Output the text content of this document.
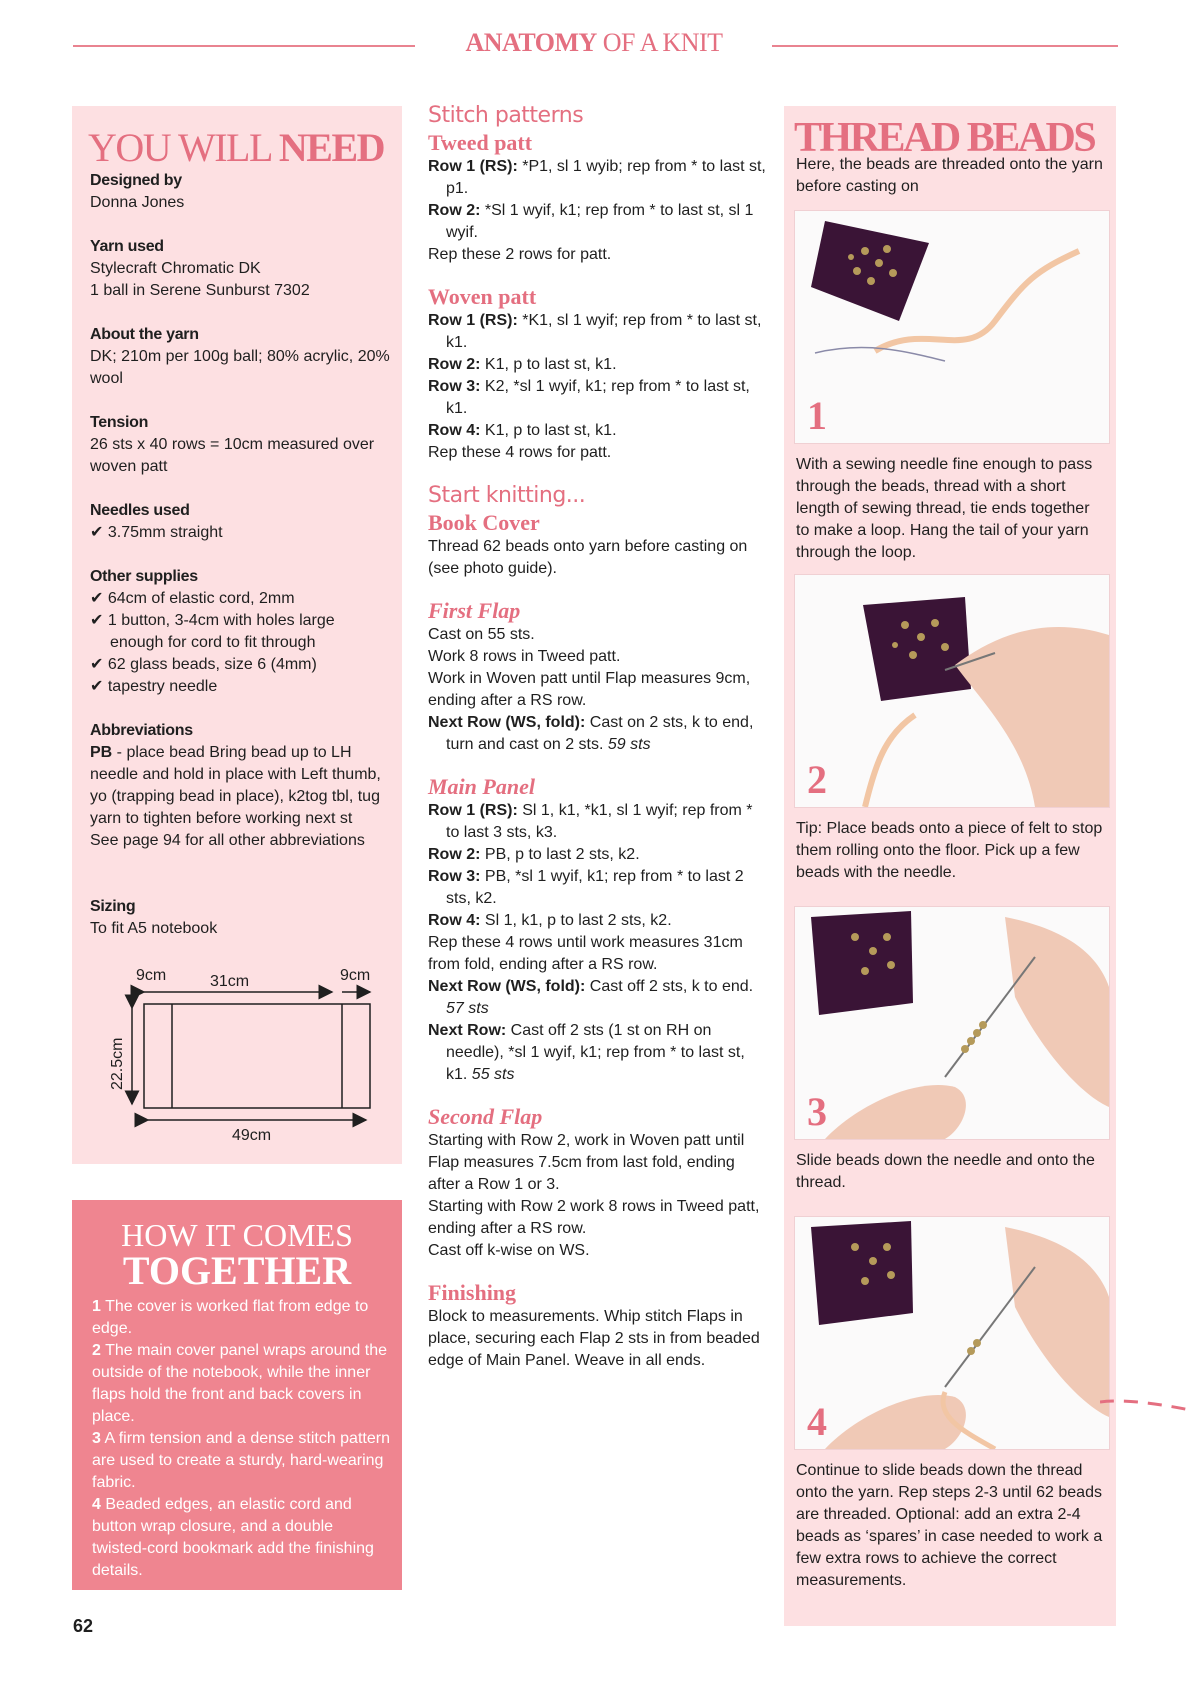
ANATOMY OF A KNIT
YOU WILL NEED
Designed by
Donna Jones
Yarn used
Stylecraft Chromatic DK
1 ball in Serene Sunburst 7302
About the yarn
DK; 210m per 100g ball; 80% acrylic, 20% wool
Tension
26 sts x 40 rows = 10cm measured over woven patt
Needles used
✔ 3.75mm straight
Other supplies
✔ 64cm of elastic cord, 2mm
✔ 1 button, 3-4cm with holes large enough for cord to fit through
✔ 62 glass beads, size 6 (4mm)
✔ tapestry needle
Abbreviations
PB - place bead Bring bead up to LH needle and hold in place with Left thumb, yo (trapping bead in place), k2tog tbl, tug yarn to tighten before working next st
See page 94 for all other abbreviations
Sizing
To fit A5 notebook
9cm	31cm	9cm
22.5cm
49cm
HOW IT COMES
TOGETHER
1 The cover is worked flat from edge to edge.
2 The main cover panel wraps around the outside of the notebook, while the inner flaps hold the front and back covers in place.
3 A firm tension and a dense stitch pattern are used to create a sturdy, hard-wearing fabric.
4 Beaded edges, an elastic cord and button wrap closure, and a double twisted-cord bookmark add the finishing details.
Stitch patterns
Tweed patt
Row 1 (RS): *P1, sl 1 wyib; rep from * to last st, p1.
Row 2: *Sl 1 wyif, k1; rep from * to last st, sl 1 wyif.
Rep these 2 rows for patt.
Woven patt
Row 1 (RS): *K1, sl 1 wyif; rep from * to last st, k1.
Row 2: K1, p to last st, k1.
Row 3: K2, *sl 1 wyif, k1; rep from * to last st, k1.
Row 4: K1, p to last st, k1.
Rep these 4 rows for patt.
Start knitting...
Book Cover
Thread 62 beads onto yarn before casting on (see photo guide).
First Flap
Cast on 55 sts.
Work 8 rows in Tweed patt.
Work in Woven patt until Flap measures 9cm, ending after a RS row.
Next Row (WS, fold): Cast on 2 sts, k to end, turn and cast on 2 sts. 59 sts
Main Panel
Row 1 (RS): Sl 1, k1, *k1, sl 1 wyif; rep from * to last 3 sts, k3.
Row 2: PB, p to last 2 sts, k2.
Row 3: PB, *sl 1 wyif, k1; rep from * to last 2 sts, k2.
Row 4: Sl 1, k1, p to last 2 sts, k2.
Rep these 4 rows until work measures 31cm from fold, ending after a RS row.
Next Row (WS, fold): Cast off 2 sts, k to end. 57 sts
Next Row: Cast off 2 sts (1 st on RH on needle), *sl 1 wyif, k1; rep from * to last st, k1. 55 sts
Second Flap
Starting with Row 2, work in Woven patt until Flap measures 7.5cm from last fold, ending after a Row 1 or 3.
Starting with Row 2 work 8 rows in Tweed patt, ending after a RS row.
Cast off k-wise on WS.
Finishing
Block to measurements. Whip stitch Flaps in place, securing each Flap 2 sts in from beaded edge of Main Panel. Weave in all ends.
THREAD BEADS
Here, the beads are threaded onto the yarn before casting on
1
With a sewing needle fine enough to pass through the beads, thread with a short length of sewing thread, tie ends together to make a loop. Hang the tail of your yarn through the loop.
2
Tip: Place beads onto a piece of felt to stop them rolling onto the floor. Pick up a few beads with the needle.
3
Slide beads down the needle and onto the thread.
4
Continue to slide beads down the thread onto the yarn. Rep steps 2-3 until 62 beads are threaded. Optional: add an extra 2-4 beads as ‘spares’ in case needed to work a few extra rows to achieve the correct measurements.
62
